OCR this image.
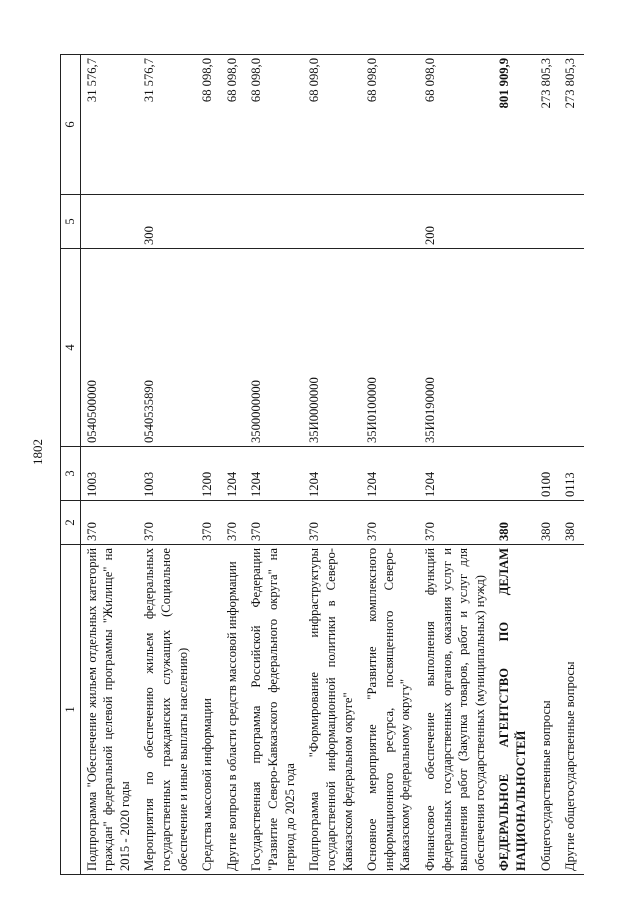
1802
1	2	3	4	5	6
Подпрограмма "Обеспечение жильем отдельных категорий граждан" федеральной целевой программы "Жилище" на 2015 - 2020 годы	370	1003	0540500000		31 576,7
Мероприятия по обеспечению жильем федеральных государственных гражданских служащих (Социальное обеспечение и иные выплаты населению)	370	1003	0540535890	300	31 576,7
Средства массовой информации	370	1200			68 098,0
Другие вопросы в области средств массовой информации	370	1204			68 098,0
Государственная программа Российской Федерации "Развитие Северо-Кавказского федерального округа" на период до 2025 года	370	1204	3500000000		68 098,0
Подпрограмма "Формирование инфраструктуры государственной информационной политики в Северо-Кавказском федеральном округе"	370	1204	35И0000000		68 098,0
Основное мероприятие "Развитие комплексного информационного ресурса, посвященного Северо-Кавказскому федеральному округу"	370	1204	35И0100000		68 098,0
Финансовое обеспечение выполнения функций федеральных государственных органов, оказания услуг и выполнения работ (Закупка товаров, работ и услуг для обеспечения государственных (муниципальных) нужд)	370	1204	35И0190000	200	68 098,0
ФЕДЕРАЛЬНОЕ АГЕНТСТВО ПО ДЕЛАМ НАЦИОНАЛЬНОСТЕЙ	380				801 909,9
Общегосударственные вопросы	380	0100			273 805,3
Другие общегосударственные вопросы	380	0113			273 805,3
